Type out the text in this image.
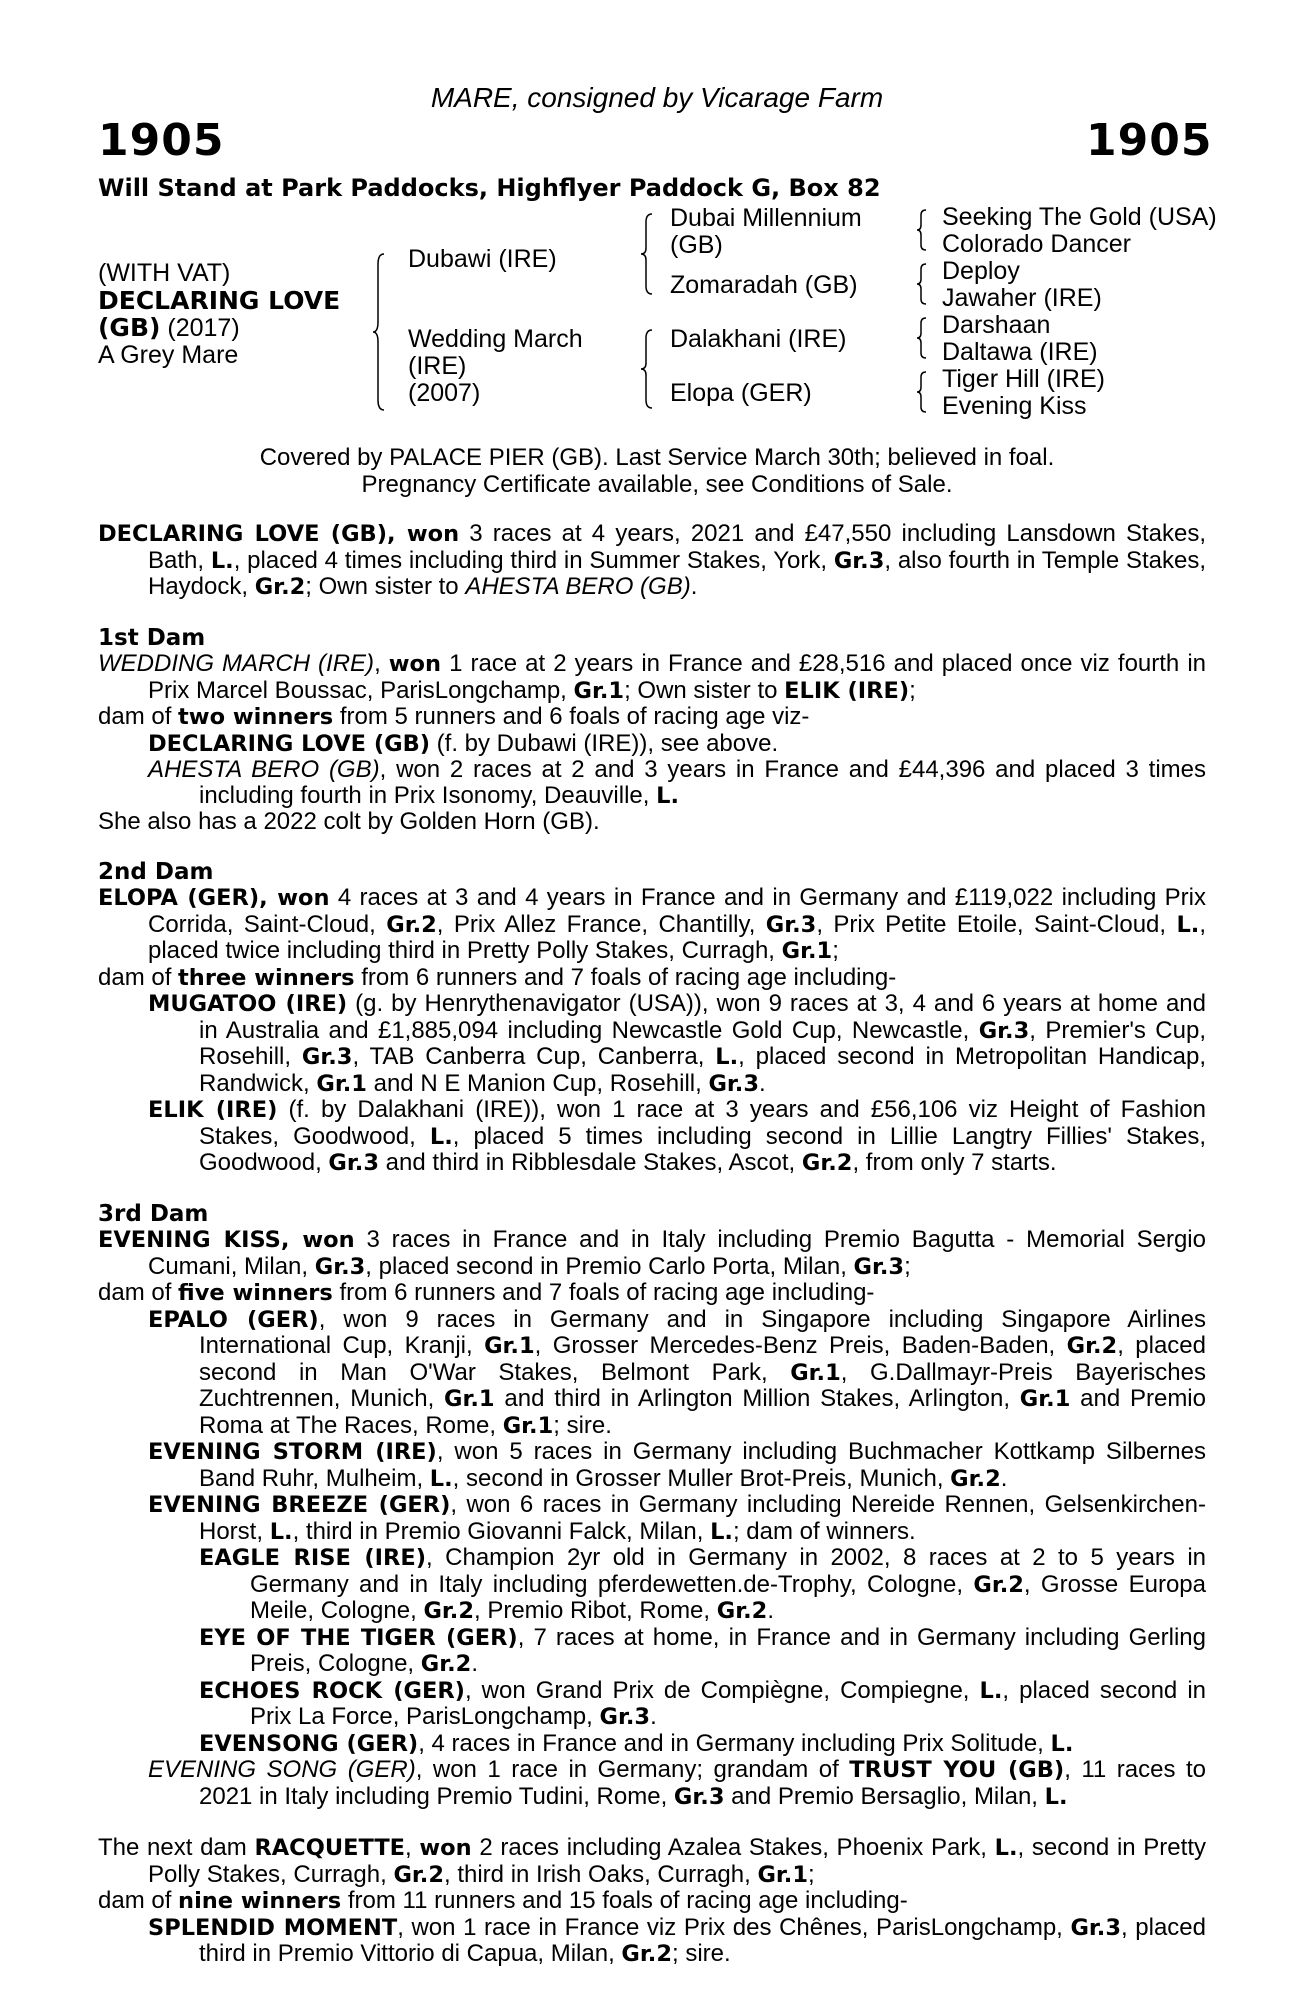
MARE, consigned by Vicarage Farm
1905	1905
Will Stand at Park Paddocks, Highflyer Paddock G, Box 82
(WITH VAT)
DECLARING LOVE
(GB) (2017)
A Grey Mare
Dubawi (IRE)
Wedding March
(IRE)
(2007)
Dubai Millennium
(GB)
Zomaradah (GB)
Dalakhani (IRE)
Elopa (GER)
Seeking The Gold (USA)
Colorado Dancer
Deploy
Jawaher (IRE)
Darshaan
Daltawa (IRE)
Tiger Hill (IRE)
Evening Kiss
Covered by PALACE PIER (GB). Last Service March 30th; believed in foal.
Pregnancy Certificate available, see Conditions of Sale.
DECLARING LOVE (GB), won 3 races at 4 years, 2021 and £47,550 including Lansdown Stakes, Bath, L., placed 4 times including third in Summer Stakes, York, Gr.3, also fourth in Temple Stakes, Haydock, Gr.2; Own sister to AHESTA BERO (GB).
1st Dam
WEDDING MARCH (IRE), won 1 race at 2 years in France and £28,516 and placed once viz fourth in Prix Marcel Boussac, ParisLongchamp, Gr.1; Own sister to ELIK (IRE);
dam of two winners from 5 runners and 6 foals of racing age viz-
DECLARING LOVE (GB) (f. by Dubawi (IRE)), see above.
AHESTA BERO (GB), won 2 races at 2 and 3 years in France and £44,396 and placed 3 times including fourth in Prix Isonomy, Deauville, L.
She also has a 2022 colt by Golden Horn (GB).
2nd Dam
ELOPA (GER), won 4 races at 3 and 4 years in France and in Germany and £119,022 including Prix Corrida, Saint-Cloud, Gr.2, Prix Allez France, Chantilly, Gr.3, Prix Petite Etoile, Saint-Cloud, L., placed twice including third in Pretty Polly Stakes, Curragh, Gr.1;
dam of three winners from 6 runners and 7 foals of racing age including-
MUGATOO (IRE) (g. by Henrythenavigator (USA)), won 9 races at 3, 4 and 6 years at home and in Australia and £1,885,094 including Newcastle Gold Cup, Newcastle, Gr.3, Premier's Cup, Rosehill, Gr.3, TAB Canberra Cup, Canberra, L., placed second in Metropolitan Handicap, Randwick, Gr.1 and N E Manion Cup, Rosehill, Gr.3.
ELIK (IRE) (f. by Dalakhani (IRE)), won 1 race at 3 years and £56,106 viz Height of Fashion Stakes, Goodwood, L., placed 5 times including second in Lillie Langtry Fillies' Stakes, Goodwood, Gr.3 and third in Ribblesdale Stakes, Ascot, Gr.2, from only 7 starts.
3rd Dam
EVENING KISS, won 3 races in France and in Italy including Premio Bagutta - Memorial Sergio Cumani, Milan, Gr.3, placed second in Premio Carlo Porta, Milan, Gr.3;
dam of five winners from 6 runners and 7 foals of racing age including-
EPALO (GER), won 9 races in Germany and in Singapore including Singapore Airlines International Cup, Kranji, Gr.1, Grosser Mercedes-Benz Preis, Baden-Baden, Gr.2, placed second in Man O'War Stakes, Belmont Park, Gr.1, G.Dallmayr-Preis Bayerisches Zuchtrennen, Munich, Gr.1 and third in Arlington Million Stakes, Arlington, Gr.1 and Premio Roma at The Races, Rome, Gr.1; sire.
EVENING STORM (IRE), won 5 races in Germany including Buchmacher Kottkamp Silbernes Band Ruhr, Mulheim, L., second in Grosser Muller Brot-Preis, Munich, Gr.2.
EVENING BREEZE (GER), won 6 races in Germany including Nereide Rennen, Gelsenkirchen-Horst, L., third in Premio Giovanni Falck, Milan, L.; dam of winners.
EAGLE RISE (IRE), Champion 2yr old in Germany in 2002, 8 races at 2 to 5 years in Germany and in Italy including pferdewetten.de-Trophy, Cologne, Gr.2, Grosse Europa Meile, Cologne, Gr.2, Premio Ribot, Rome, Gr.2.
EYE OF THE TIGER (GER), 7 races at home, in France and in Germany including Gerling Preis, Cologne, Gr.2.
ECHOES ROCK (GER), won Grand Prix de Compiègne, Compiegne, L., placed second in Prix La Force, ParisLongchamp, Gr.3.
EVENSONG (GER), 4 races in France and in Germany including Prix Solitude, L.
EVENING SONG (GER), won 1 race in Germany; grandam of TRUST YOU (GB), 11 races to 2021 in Italy including Premio Tudini, Rome, Gr.3 and Premio Bersaglio, Milan, L.
The next dam RACQUETTE, won 2 races including Azalea Stakes, Phoenix Park, L., second in Pretty Polly Stakes, Curragh, Gr.2, third in Irish Oaks, Curragh, Gr.1;
dam of nine winners from 11 runners and 15 foals of racing age including-
SPLENDID MOMENT, won 1 race in France viz Prix des Chênes, ParisLongchamp, Gr.3, placed third in Premio Vittorio di Capua, Milan, Gr.2; sire.
